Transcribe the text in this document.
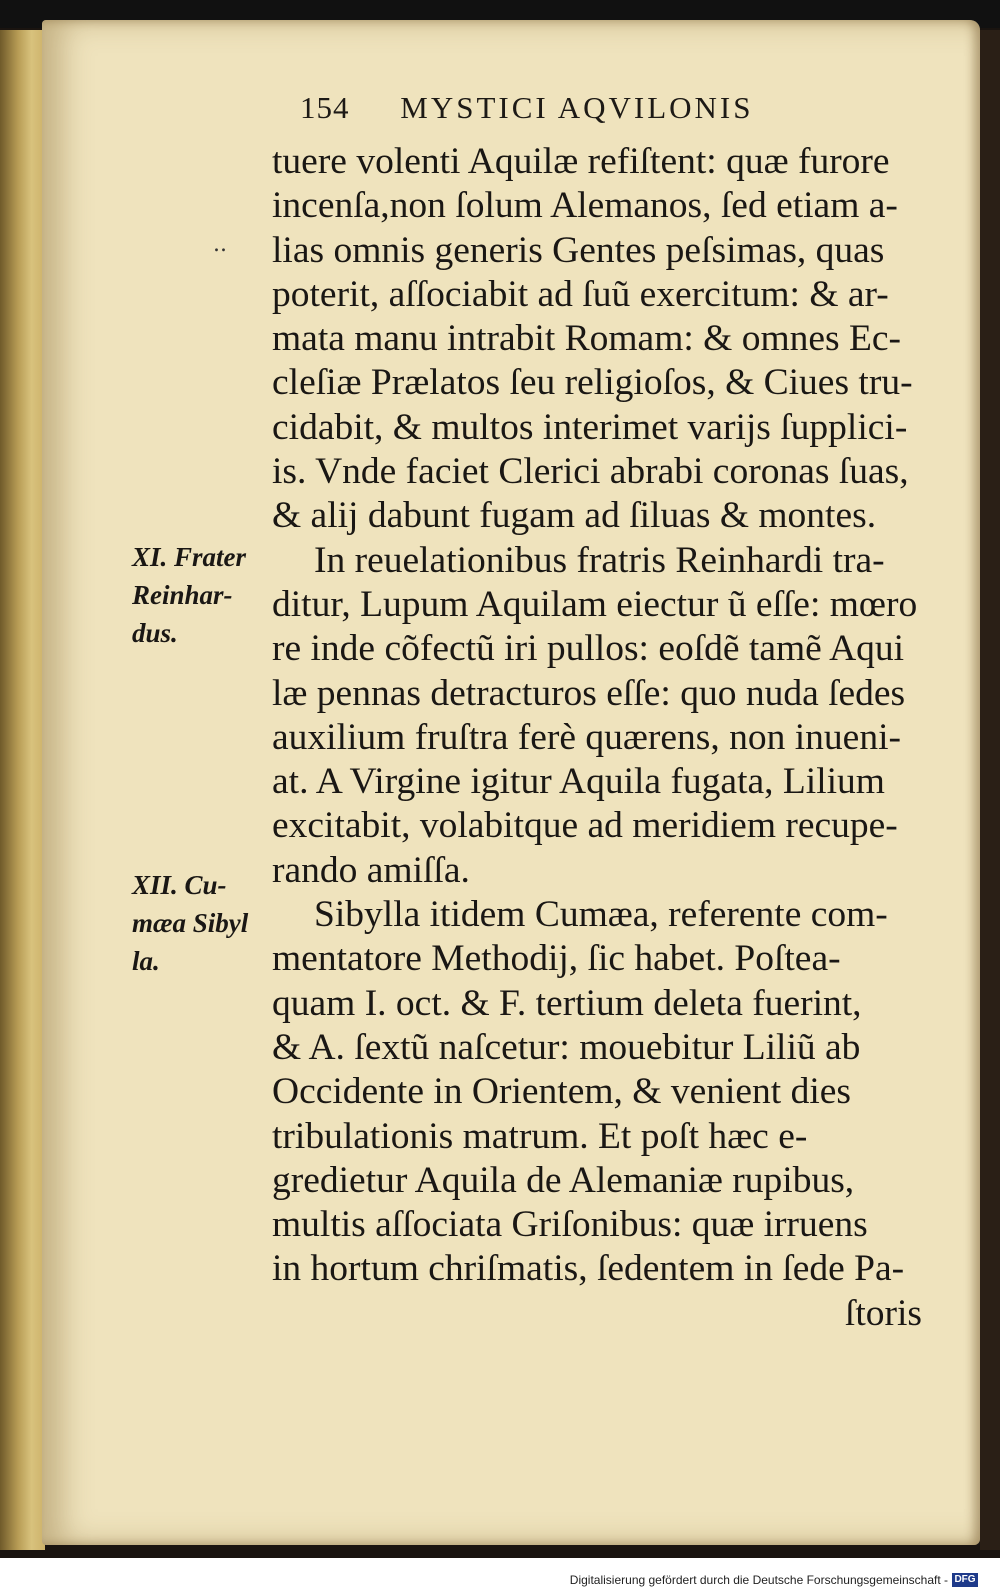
154 MYSTICI AQVILONIS
..
XI. Frater
Reinhar-
dus.
XII. Cu-
mæa Sibyl
la.
tuere volenti Aquilæ refiſtent: quæ furore
incenſa,non ſolum Alemanos, ſed etiam a-
lias omnis generis Gentes peſsimas, quas
poterit, aſſociabit ad ſuũ exercitum: & ar-
mata manu intrabit Romam: & omnes Ec-
cleſiæ Prælatos ſeu religioſos, & Ciues tru-
cidabit, & multos interimet varijs ſupplici-
is. Vnde faciet Clerici abrabi coronas ſuas,
& alij dabunt fugam ad ſiluas & montes.
In reuelationibus fratris Reinhardi tra-
ditur, Lupum Aquilam eiectur ũ eſſe: mœro
re inde cõfectũ iri pullos: eoſdẽ tamẽ Aqui
læ pennas detracturos eſſe: quo nuda ſedes
auxilium fruſtra ferè quærens, non inueni-
at. A Virgine igitur Aquila fugata, Lilium
excitabit, volabitque ad meridiem recupe-
rando amiſſa.
Sibylla itidem Cumæa, referente com-
mentatore Methodij, ſic habet. Poſtea-
quam I. oct. & F. tertium deleta fuerint,
& A. ſextũ naſcetur: mouebitur Liliũ ab
Occidente in Orientem, & venient dies
tribulationis matrum. Et poſt hæc e-
gredietur Aquila de Alemaniæ rupibus,
multis aſſociata Griſonibus: quæ irruens
in hortum chriſmatis, ſedentem in ſede Pa-
ſtoris
Digitalisierung gefördert durch die Deutsche Forschungsgemeinschaft - DFG
